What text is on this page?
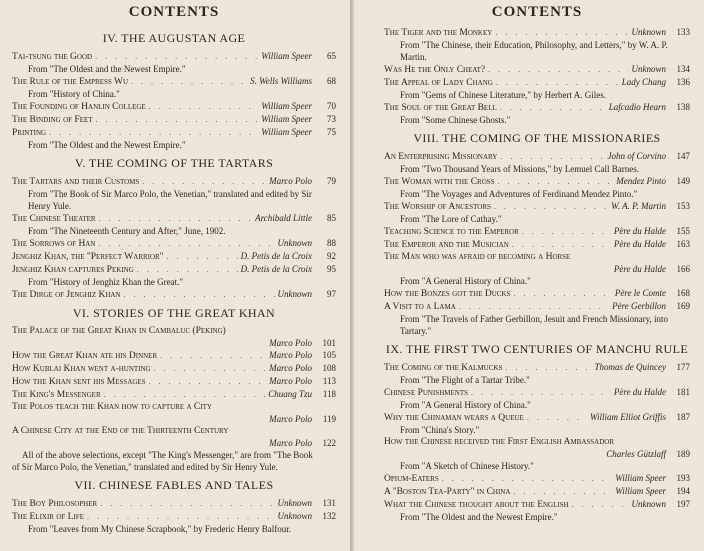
CONTENTS
IV. THE AUGUSTAN AGE
Tai-tsung the Good . . .	William Speer	65
From "The Oldest and the Newest Empire."
The Rule of the Empress Wu . . .	S. Wells Williams	68
From "History of China."
The Founding of Hanlin College . . .	William Speer	70
The Binding of Feet . . .	William Speer	73
Printing . . .	William Speer	75
From "The Oldest and the Newest Empire."
V. THE COMING OF THE TARTARS
The Tartars and their Customs . . .	Marco Polo	79
From "The Book of Sir Marco Polo, the Venetian," translated and edited by Sir Henry Yule.
The Chinese Theater . . .	Archibald Little	85
From "The Nineteenth Century and After," June, 1902.
The Sorrows of Han . . .	Unknown	88
Jenghiz Khan, the "Perfect Warrior" . . .	D. Petis de la Croix	92
Jenghiz Khan captures Peking . . .	D. Petis de la Croix	95
From "History of Jenghiz Khan the Great."
The Dirge of Jenghiz Khan . . .	Unknown	97
VI. STORIES OF THE GREAT KHAN
The Palace of the Great Khan in Cambaluc (Peking)
Marco Polo	101
How the Great Khan ate his Dinner . . .	Marco Polo	105
How Kublai Khan went a-hunting . . .	Marco Polo	108
How the Khan sent his Messages . . .	Marco Polo	113
The King's Messenger . . .	Chuang Tzu	118
The Polos teach the Khan how to capture a City
Marco Polo	119
A Chinese City at the End of the Thirteenth Century
Marco Polo	122
All of the above selections, except "The King's Messenger," are from "The Book of Sir Marco Polo, the Venetian," translated and edited by Sir Henry Yule.
VII. CHINESE FABLES AND TALES
The Boy Philosopher . . .	Unknown	131
The Elixir of Life . . .	Unknown	132
From "Leaves from My Chinese Scrapbook," by Frederic Henry Balfour.
CONTENTS
The Tiger and the Monkey . . .	Unknown	133
From "The Chinese, their Education, Philosophy, and Letters," by W. A. P. Martin.
Was He the Only Cheat? . . .	Unknown	134
The Appeal of Lady Chang . . .	Lady Chang	136
From "Gems of Chinese Literature," by Herbert A. Giles.
The Soul of the Great Bell . . .	Lafcadio Hearn	138
From "Some Chinese Ghosts."
VIII. THE COMING OF THE MISSIONARIES
An Enterprising Missionary . . .	John of Corvino	147
From "Two Thousand Years of Missions," by Lemuel Call Barnes.
The Woman with the Cross . . .	Mendez Pinto	149
From "The Voyages and Adventures of Ferdinand Mendez Pinto."
The Worship of Ancestors . . .	W. A. P. Martin	153
From "The Lore of Cathay."
Teaching Science to the Emperor . . .	Père du Halde	155
The Emperor and the Musician . . .	Père du Halde	163
The Man who was afraid of becoming a Horse
Père du Halde	166
From "A General History of China."
How the Bonzes got the Ducks . . .	Père le Comte	168
A Visit to a Lama . . .	Père Gerbillon	169
From "The Travels of Father Gerbillon, Jesuit and French Missionary, into Tartary."
IX. THE FIRST TWO CENTURIES OF MANCHU RULE
The Coming of the Kalmucks . . .	Thomas de Quincey	177
From "The Flight of a Tartar Tribe."
Chinese Punishments . . .	Père du Halde	181
From "A General History of China."
Why the Chinaman wears a Queue . . .	William Elliot Griffis	187
From "China's Story."
How the Chinese received the First English Ambassador
Charles Gützlaff	189
From "A Sketch of Chinese History."
Opium-Eaters . . .	William Speer	193
A "Boston Tea-Party" in China . . .	William Speer	194
What the Chinese thought about the English . . .	Unknown	197
From "The Oldest and the Newest Empire."
